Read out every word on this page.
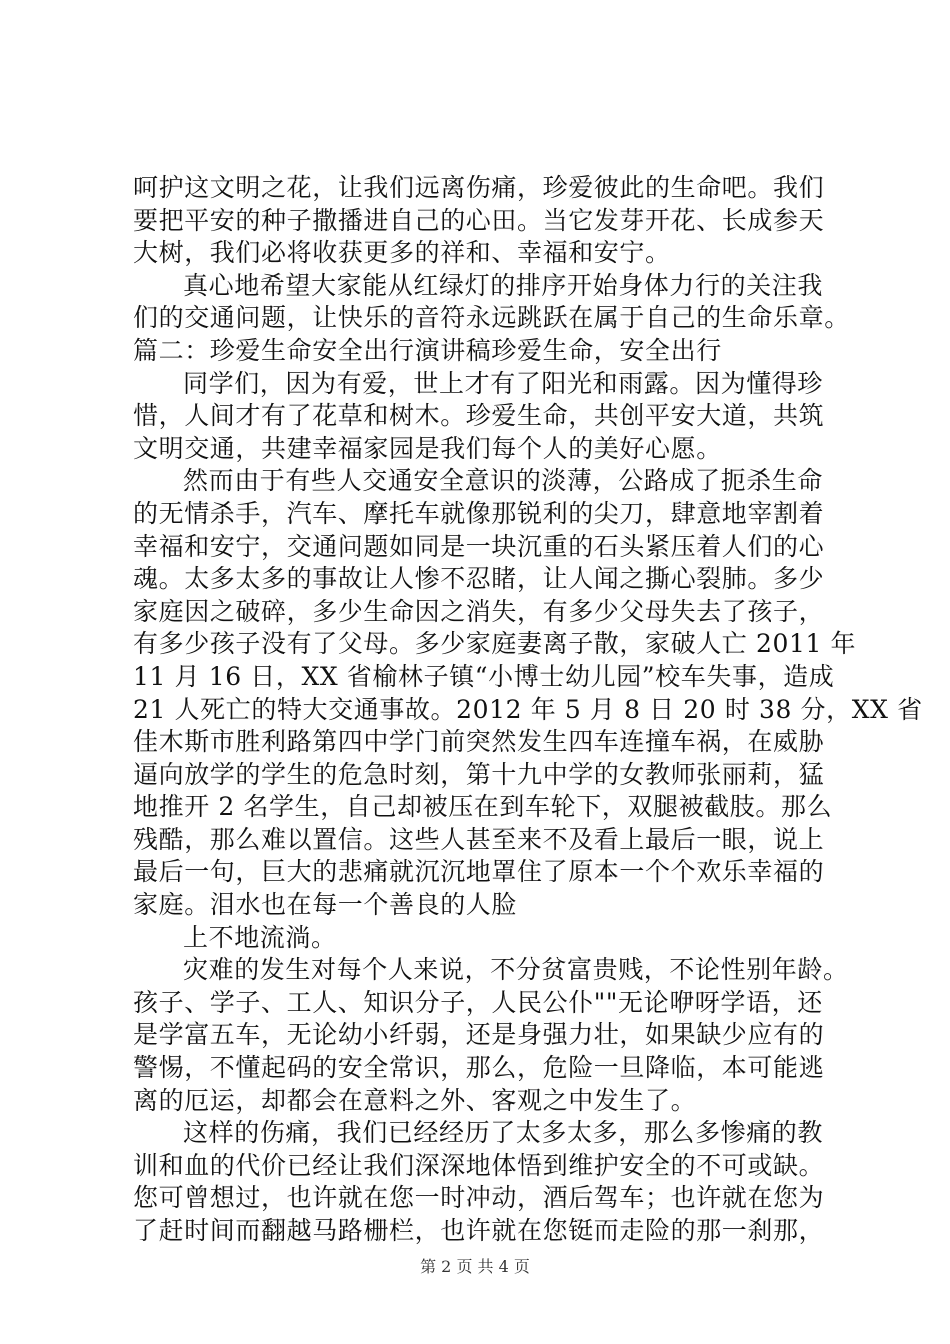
呵护这文明之花，让我们远离伤痛，珍爱彼此的生命吧。我们
要把平安的种子撒播进自己的心田。当它发芽开花、长成参天
大树，我们必将收获更多的祥和、幸福和安宁。
真心地希望大家能从红绿灯的排序开始身体力行的关注我
们的交通问题，让快乐的音符永远跳跃在属于自己的生命乐章。
篇二：珍爱生命安全出行演讲稿珍爱生命，安全出行
同学们，因为有爱，世上才有了阳光和雨露。因为懂得珍
惜，人间才有了花草和树木。珍爱生命，共创平安大道，共筑
文明交通，共建幸福家园是我们每个人的美好心愿。
然而由于有些人交通安全意识的淡薄，公路成了扼杀生命
的无情杀手，汽车、摩托车就像那锐利的尖刀，肆意地宰割着
幸福和安宁，交通问题如同是一块沉重的石头紧压着人们的心
魂。太多太多的事故让人惨不忍睹，让人闻之撕心裂肺。多少
家庭因之破碎，多少生命因之消失，有多少父母失去了孩子，
有多少孩子没有了父母。多少家庭妻离子散，家破人亡 2011 年
11 月 16 日，XX 省榆林子镇“小博士幼儿园”校车失事，造成
21 人死亡的特大交通事故。2012 年 5 月 8 日 20 时 38 分，XX 省
佳木斯市胜利路第四中学门前突然发生四车连撞车祸，在威胁
逼向放学的学生的危急时刻，第十九中学的女教师张丽莉，猛
地推开 2 名学生，自己却被压在到车轮下，双腿被截肢。那么
残酷，那么难以置信。这些人甚至来不及看上最后一眼，说上
最后一句，巨大的悲痛就沉沉地罩住了原本一个个欢乐幸福的
家庭。泪水也在每一个善良的人脸
上不地流淌。
灾难的发生对每个人来说，不分贫富贵贱，不论性别年龄。
孩子、学子、工人、知识分子，人民公仆""无论咿呀学语，还
是学富五车，无论幼小纤弱，还是身强力壮，如果缺少应有的
警惕，不懂起码的安全常识，那么，危险一旦降临，本可能逃
离的厄运，却都会在意料之外、客观之中发生了。
这样的伤痛，我们已经经历了太多太多，那么多惨痛的教
训和血的代价已经让我们深深地体悟到维护安全的不可或缺。
您可曾想过，也许就在您一时冲动，酒后驾车；也许就在您为
了赶时间而翻越马路栅栏，也许就在您铤而走险的那一刹那，
第 2 页 共 4 页
